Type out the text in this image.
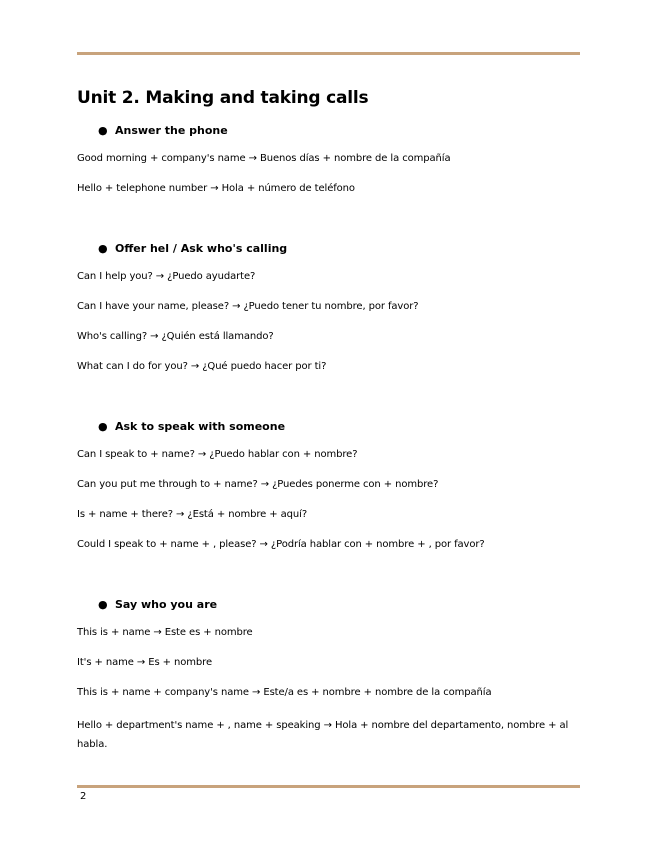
Unit 2. Making and taking calls
● Answer the phone

Good morning + company's name → Buenos días + nombre de la compañía

Hello + telephone number → Hola + número de teléfono

● Offer hel / Ask who's calling

Can I help you? → ¿Puedo ayudarte?

Can I have your name, please? → ¿Puedo tener tu nombre, por favor?

Who's calling? → ¿Quién está llamando?

What can I do for you? → ¿Qué puedo hacer por ti?

● Ask to speak with someone

Can I speak to + name? → ¿Puedo hablar con + nombre?

Can you put me through to + name? → ¿Puedes ponerme con + nombre?

Is + name + there? → ¿Está + nombre + aquí?

Could I speak to + name + , please? → ¿Podría hablar con + nombre + , por favor?

● Say who you are

This is + name → Este es + nombre

It's + name → Es + nombre

This is + name + company's name → Este/a es + nombre + nombre de la compañía

Hello + department's name + , name + speaking → Hola + nombre del departamento, nombre + al habla.

2
